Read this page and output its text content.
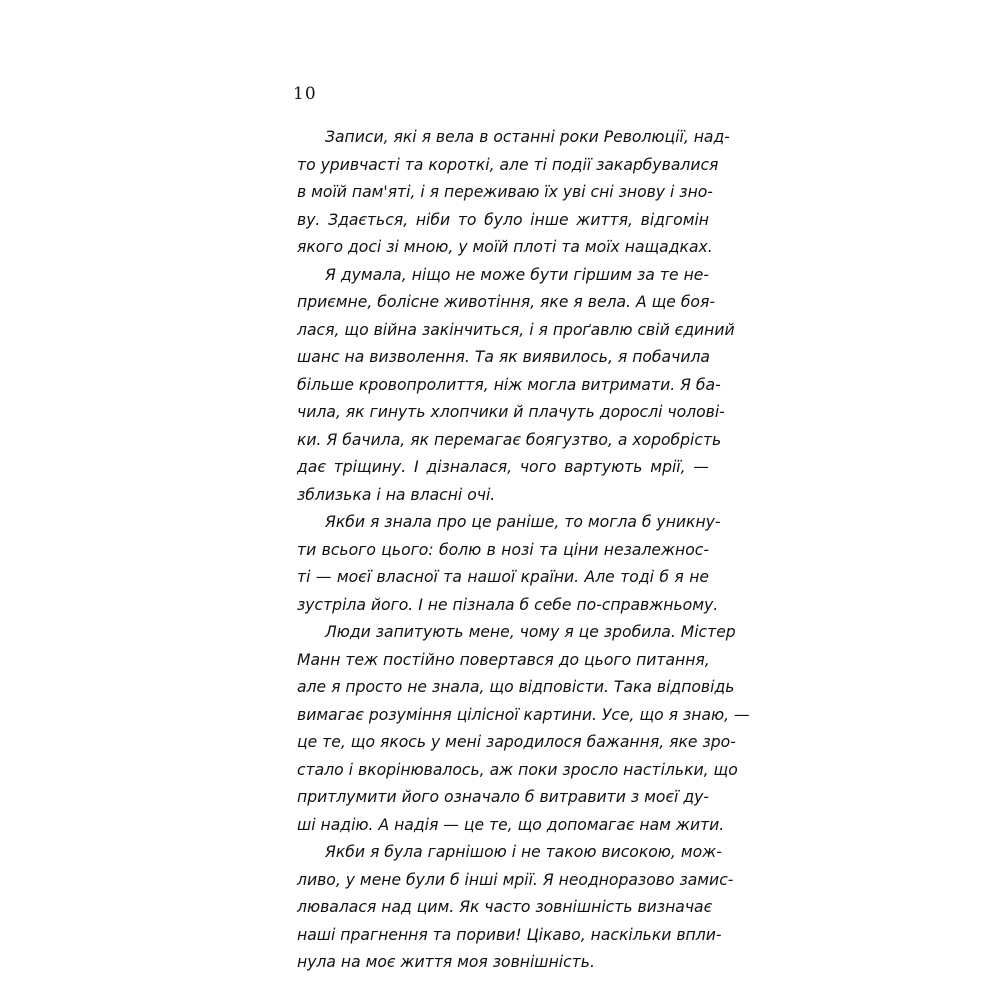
10
Записи, які я вела в останні роки Революції, над-
то уривчасті та короткі, але ті події закарбувалися
в моїй пам'яті, і я переживаю їх уві сні знову і зно-
ву. Здається, ніби то було інше життя, відгомін
якого досі зі мною, у моїй плоті та моїх нащадках.
Я думала, ніщо не може бути гіршим за те не-
приємне, болісне животіння, яке я вела. А ще боя-
лася, що війна закінчиться, і я проґавлю свій єдиний
шанс на визволення. Та як виявилось, я побачила
більше кровопролиття, ніж могла витримати. Я ба-
чила, як гинуть хлопчики й плачуть дорослі чолові-
ки. Я бачила, як перемагає боягузтво, а хоробрість
дає тріщину. І дізналася, чого вартують мрії, —
зблизька і на власні очі.
Якби я знала про це раніше, то могла б уникну-
ти всього цього: болю в нозі та ціни незалежнос-
ті — моєї власної та нашої країни. Але тоді б я не
зустріла його. І не пізнала б себе по-справжньому.
Люди запитують мене, чому я це зробила. Містер
Манн теж постійно повертався до цього питання,
але я просто не знала, що відповісти. Така відповідь
вимагає розуміння цілісної картини. Усе, що я знаю, —
це те, що якось у мені зародилося бажання, яке зро-
стало і вкорінювалось, аж поки зросло настільки, що
притлумити його означало б витравити з моєї ду-
ші надію. А надія — це те, що допомагає нам жити.
Якби я була гарнішою і не такою високою, мож-
ливо, у мене були б інші мрії. Я неодноразово замис-
лювалася над цим. Як часто зовнішність визначає
наші прагнення та пориви! Цікаво, наскільки впли-
нула на моє життя моя зовнішність.
